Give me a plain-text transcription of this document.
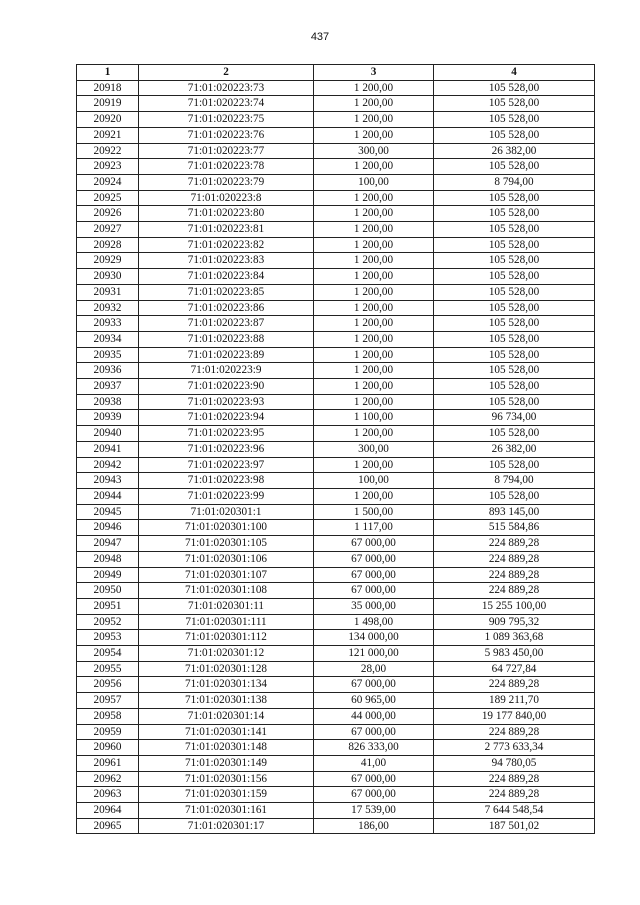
437
1	2	3	4
20918	71:01:020223:73	1 200,00	105 528,00
20919	71:01:020223:74	1 200,00	105 528,00
20920	71:01:020223:75	1 200,00	105 528,00
20921	71:01:020223:76	1 200,00	105 528,00
20922	71:01:020223:77	300,00	26 382,00
20923	71:01:020223:78	1 200,00	105 528,00
20924	71:01:020223:79	100,00	8 794,00
20925	71:01:020223:8	1 200,00	105 528,00
20926	71:01:020223:80	1 200,00	105 528,00
20927	71:01:020223:81	1 200,00	105 528,00
20928	71:01:020223:82	1 200,00	105 528,00
20929	71:01:020223:83	1 200,00	105 528,00
20930	71:01:020223:84	1 200,00	105 528,00
20931	71:01:020223:85	1 200,00	105 528,00
20932	71:01:020223:86	1 200,00	105 528,00
20933	71:01:020223:87	1 200,00	105 528,00
20934	71:01:020223:88	1 200,00	105 528,00
20935	71:01:020223:89	1 200,00	105 528,00
20936	71:01:020223:9	1 200,00	105 528,00
20937	71:01:020223:90	1 200,00	105 528,00
20938	71:01:020223:93	1 200,00	105 528,00
20939	71:01:020223:94	1 100,00	96 734,00
20940	71:01:020223:95	1 200,00	105 528,00
20941	71:01:020223:96	300,00	26 382,00
20942	71:01:020223:97	1 200,00	105 528,00
20943	71:01:020223:98	100,00	8 794,00
20944	71:01:020223:99	1 200,00	105 528,00
20945	71:01:020301:1	1 500,00	893 145,00
20946	71:01:020301:100	1 117,00	515 584,86
20947	71:01:020301:105	67 000,00	224 889,28
20948	71:01:020301:106	67 000,00	224 889,28
20949	71:01:020301:107	67 000,00	224 889,28
20950	71:01:020301:108	67 000,00	224 889,28
20951	71:01:020301:11	35 000,00	15 255 100,00
20952	71:01:020301:111	1 498,00	909 795,32
20953	71:01:020301:112	134 000,00	1 089 363,68
20954	71:01:020301:12	121 000,00	5 983 450,00
20955	71:01:020301:128	28,00	64 727,84
20956	71:01:020301:134	67 000,00	224 889,28
20957	71:01:020301:138	60 965,00	189 211,70
20958	71:01:020301:14	44 000,00	19 177 840,00
20959	71:01:020301:141	67 000,00	224 889,28
20960	71:01:020301:148	826 333,00	2 773 633,34
20961	71:01:020301:149	41,00	94 780,05
20962	71:01:020301:156	67 000,00	224 889,28
20963	71:01:020301:159	67 000,00	224 889,28
20964	71:01:020301:161	17 539,00	7 644 548,54
20965	71:01:020301:17	186,00	187 501,02
